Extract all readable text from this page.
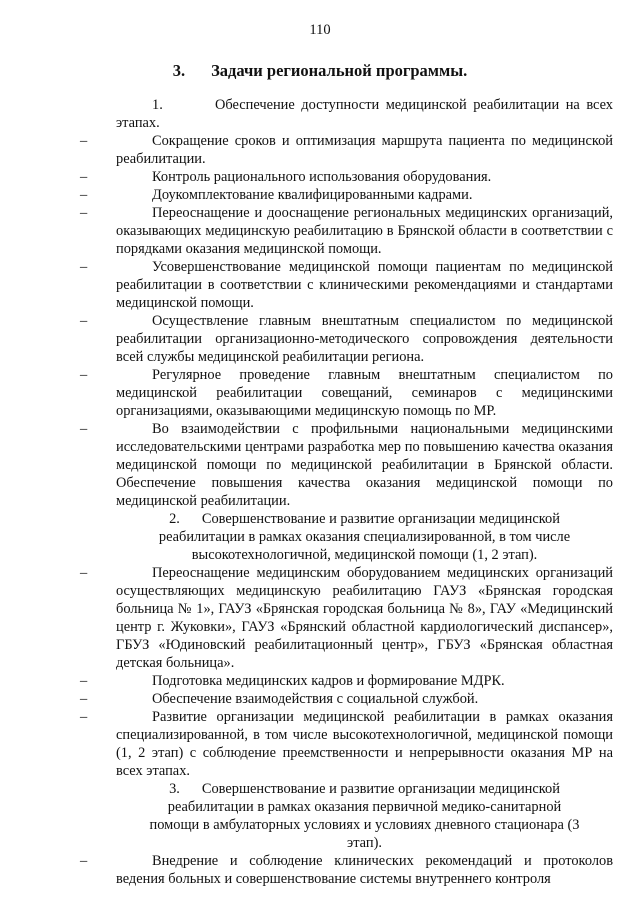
110
3. Задачи региональной программы.

1.	Обеспечение доступности медицинской реабилитации на всех этапах.

–	Сокращение сроков и оптимизация маршрута пациента по медицинской реабилитации.

–	Контроль рационального использования оборудования.

–	Доукомплектование квалифицированными кадрами.

–	Переоснащение и дооснащение региональных медицинских организаций, оказывающих медицинскую реабилитацию в Брянской области в соответствии с порядками оказания медицинской помощи.

–	Усовершенствование медицинской помощи пациентам по медицинской реабилитации в соответствии с клиническими рекомендациями и стандартами медицинской помощи.

–	Осуществление главным внештатным специалистом по медицинской реабилитации организационно-методического сопровождения деятельности всей службы медицинской реабилитации региона.

–	Регулярное проведение главным внештатным специалистом по медицинской реабилитации совещаний, семинаров с медицинскими организациями, оказывающими медицинскую помощь по МР.

–	Во взаимодействии с профильными национальными медицинскими исследовательскими центрами разработка мер по повышению качества оказания медицинской помощи по медицинской реабилитации в Брянской области. Обеспечение повышения качества оказания медицинской помощи по медицинской реабилитации.

2. Совершенствование и развитие организации медицинской реабилитации в рамках оказания специализированной, в том числе высокотехнологичной, медицинской помощи (1, 2 этап).

–	Переоснащение медицинским оборудованием медицинских организаций осуществляющих медицинскую реабилитацию ГАУЗ «Брянская городская больница № 1», ГАУЗ «Брянская городская больница № 8», ГАУ «Медицинский центр г. Жуковки», ГАУЗ «Брянский областной кардиологический диспансер», ГБУЗ «Юдиновский реабилитационный центр», ГБУЗ «Брянская областная детская больница».

–	Подготовка медицинских кадров и формирование МДРК.

–	Обеспечение взаимодействия с социальной службой.

–	Развитие организации медицинской реабилитации в рамках оказания специализированной, в том числе высокотехнологичной, медицинской помощи (1, 2 этап) с соблюдение преемственности и непрерывности оказания МР на всех этапах.

3. Совершенствование и развитие организации медицинской реабилитации в рамках оказания первичной медико-санитарной помощи в амбулаторных условиях и условиях дневного стационара (3 этап).

–	Внедрение и соблюдение клинических рекомендаций и протоколов ведения больных и совершенствование системы внутреннего контроля
